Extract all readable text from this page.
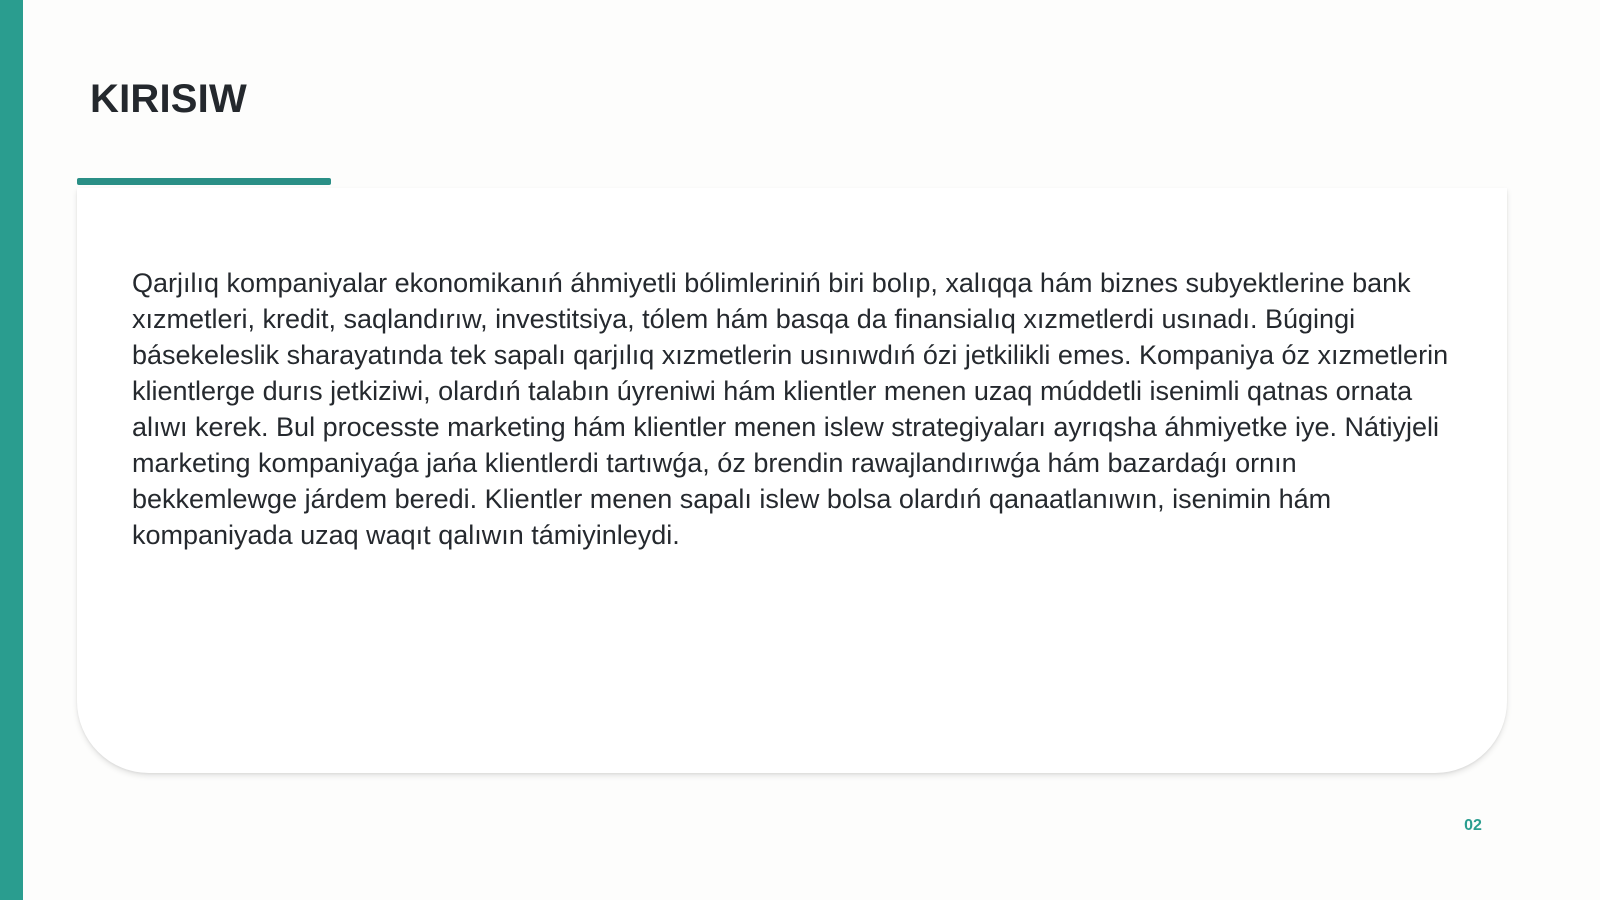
KIRISIW

Qarjılıq kompaniyalar ekonomikanıń áhmiyetli bólimleriniń biri bolıp, xalıqqa hám biznes subyektlerine bank xızmetleri, kredit, saqlandırıw, investitsiya, tólem hám basqa da finansialıq xızmetlerdi usınadı. Búgingi básekeleslik sharayatında tek sapalı qarjılıq xızmetlerin usınıwdıń ózi jetkilikli emes. Kompaniya óz xızmetlerin klientlerge durıs jetkiziwi, olardıń talabın úyreniwi hám klientler menen uzaq múddetli isenimli qatnas ornata alıwı kerek. Bul processte marketing hám klientler menen islew strategiyaları ayrıqsha áhmiyetke iye. Nátiyjeli marketing kompaniyaǵa jańa klientlerdi tartıwǵa, óz brendin rawajlandırıwǵa hám bazardaǵı ornın bekkemlewge járdem beredi. Klientler menen sapalı islew bolsa olardıń qanaatlanıwın, isenimin hám kompaniyada uzaq waqıt qalıwın támiyinleydi.

02
